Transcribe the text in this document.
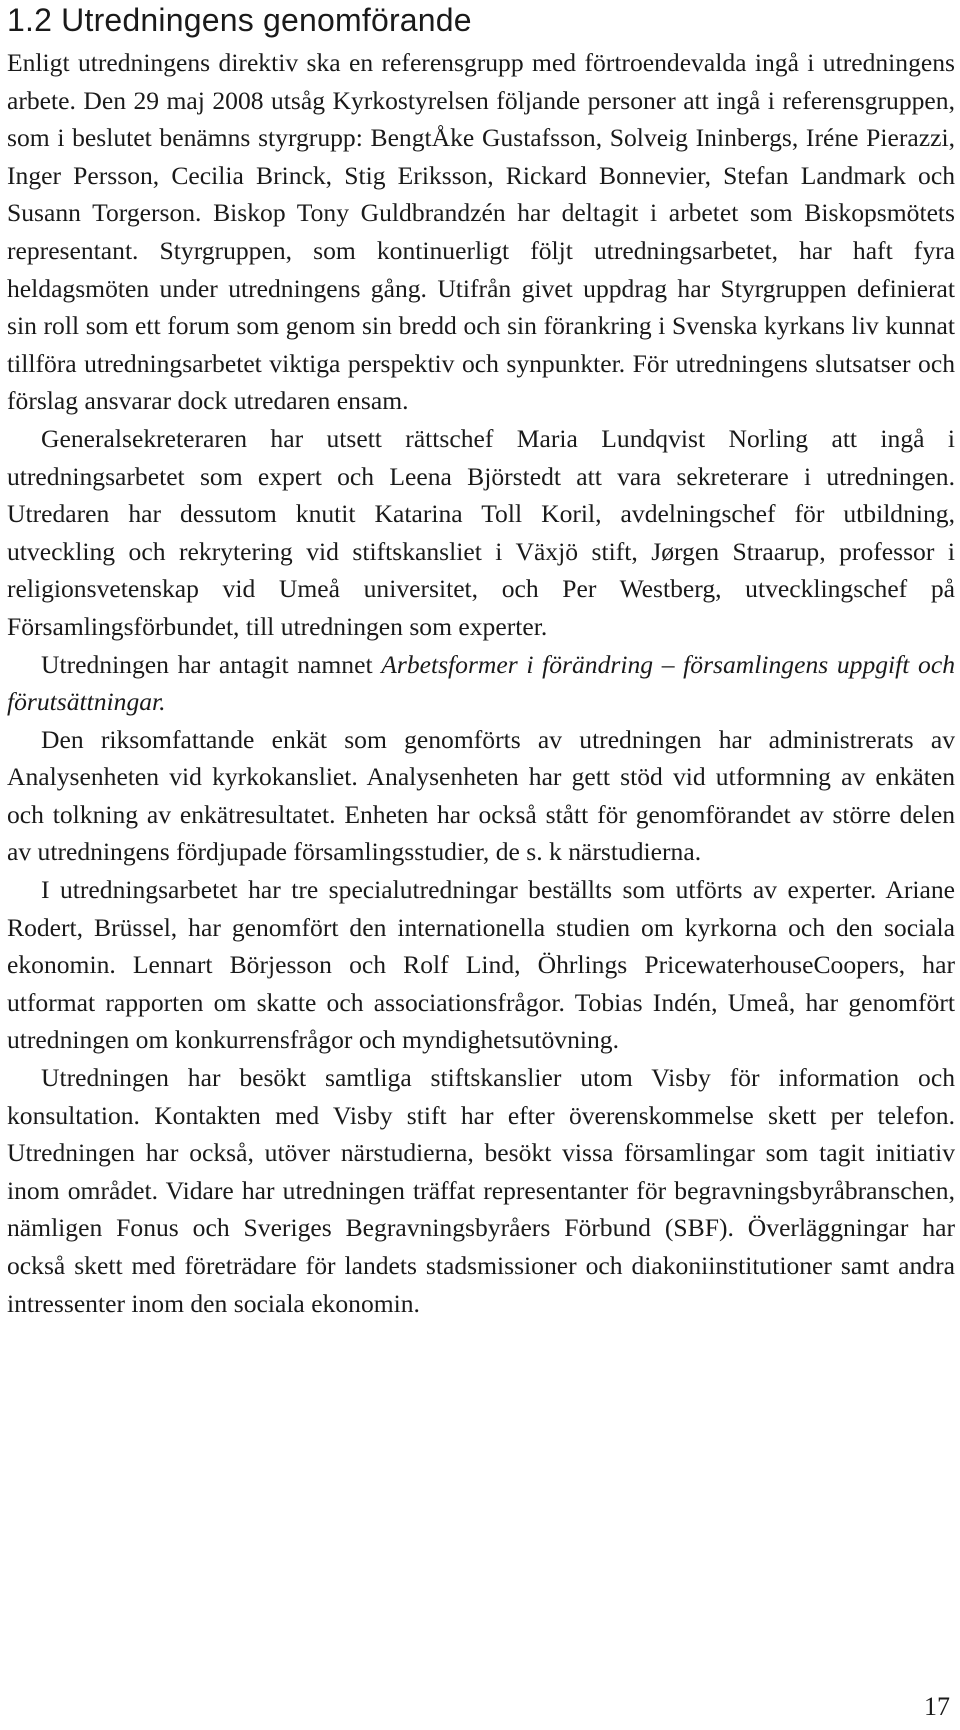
1.2 Utredningens genomförande

Enligt utredningens direktiv ska en referensgrupp med förtroendevalda ingå i utredningens arbete. Den 29 maj 2008 utsåg Kyrkostyrelsen följande personer att ingå i referensgruppen, som i beslutet benämns styrgrupp: BengtÅke Gustafsson, Solveig Ininbergs, Iréne Pierazzi, Inger Persson, Cecilia Brinck, Stig Eriksson, Rickard Bonnevier, Stefan Landmark och Susann Torgerson. Biskop Tony Guldbrandzén har deltagit i arbetet som Biskopsmötets representant. Styrgruppen, som kontinuerligt följt utredningsarbetet, har haft fyra heldagsmöten under utredningens gång. Utifrån givet uppdrag har Styrgruppen definierat sin roll som ett forum som genom sin bredd och sin förankring i Svenska kyrkans liv kunnat tillföra utredningsarbetet viktiga perspektiv och synpunkter. För utredningens slutsatser och förslag ansvarar dock utredaren ensam.

Generalsekreteraren har utsett rättschef Maria Lundqvist Norling att ingå i utredningsarbetet som expert och Leena Björstedt att vara sekreterare i utredningen. Utredaren har dessutom knutit Katarina Toll Koril, avdelningschef för utbildning, utveckling och rekrytering vid stiftskansliet i Växjö stift, Jørgen Straarup, professor i religionsvetenskap vid Umeå universitet, och Per Westberg, utvecklingschef på Församlingsförbundet, till utredningen som experter.

Utredningen har antagit namnet Arbetsformer i förändring – församlingens uppgift och förutsättningar.

Den riksomfattande enkät som genomförts av utredningen har administrerats av Analysenheten vid kyrkokansliet. Analysenheten har gett stöd vid utformning av enkäten och tolkning av enkätresultatet. Enheten har också stått för genomförandet av större delen av utredningens fördjupade församlingsstudier, de s. k närstudierna.

I utredningsarbetet har tre specialutredningar beställts som utförts av experter. Ariane Rodert, Brüssel, har genomfört den internationella studien om kyrkorna och den sociala ekonomin. Lennart Börjesson och Rolf Lind, Öhrlings PricewaterhouseCoopers, har utformat rapporten om skatte och associationsfrågor. Tobias Indén, Umeå, har genomfört utredningen om konkurrensfrågor och myndighetsutövning.

Utredningen har besökt samtliga stiftskanslier utom Visby för information och konsultation. Kontakten med Visby stift har efter överenskommelse skett per telefon. Utredningen har också, utöver närstudierna, besökt vissa församlingar som tagit initiativ inom området. Vidare har utredningen träffat representanter för begravningsbyråbranschen, nämligen Fonus och Sveriges Begravningsbyråers Förbund (SBF). Överläggningar har också skett med företrädare för landets stadsmissioner och diakoniinstitutioner samt andra intressenter inom den sociala ekonomin.

17
